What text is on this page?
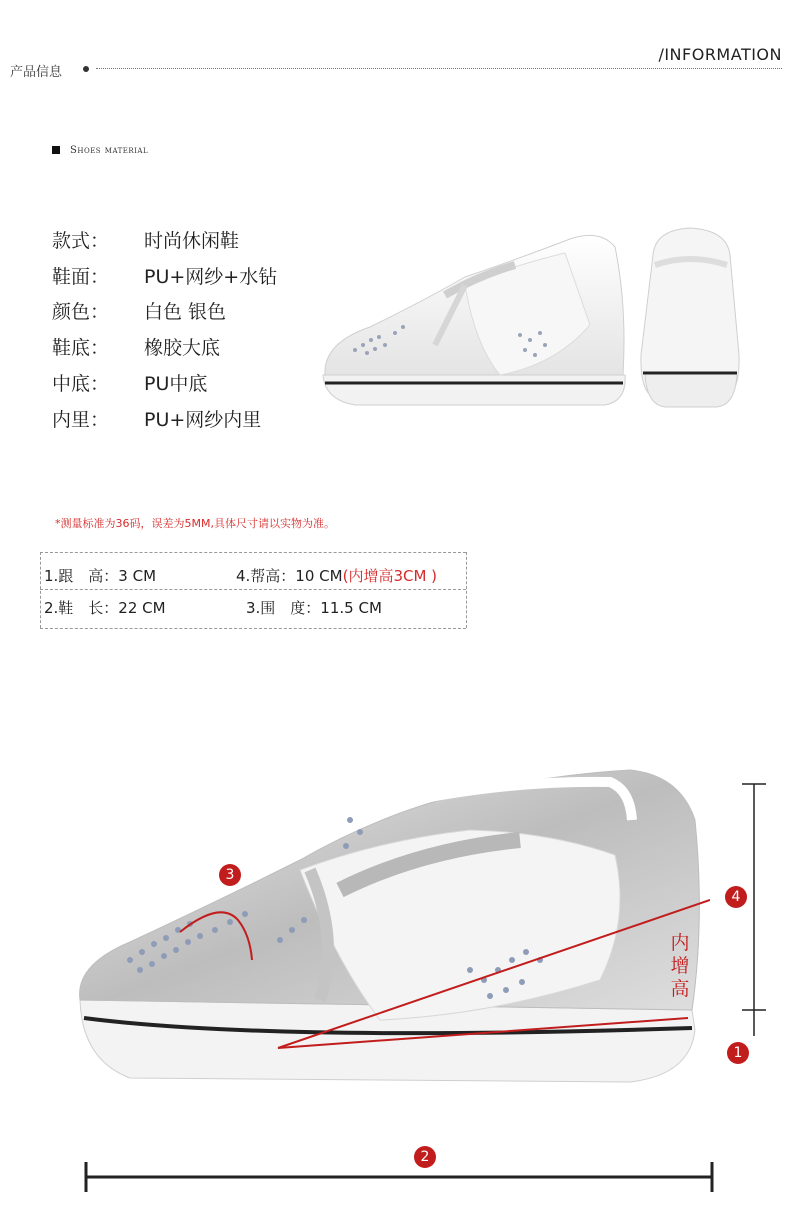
产品信息
/INFORMATION
Shoes material
款式： 时尚休闲鞋
鞋面： PU+网纱+水钻
颜色： 白色 银色
鞋底： 橡胶大底
中底： PU中底
内里： PU+网纱内里
*测量标准为36码，误差为5MM,具体尺寸请以实物为准。
1.跟　高：3 CM	4.帮高：10 CM(内增高3CM )
2.鞋　长：22 CM	3.围　度：11.5 CM
3
4
1
2
内
增
高
